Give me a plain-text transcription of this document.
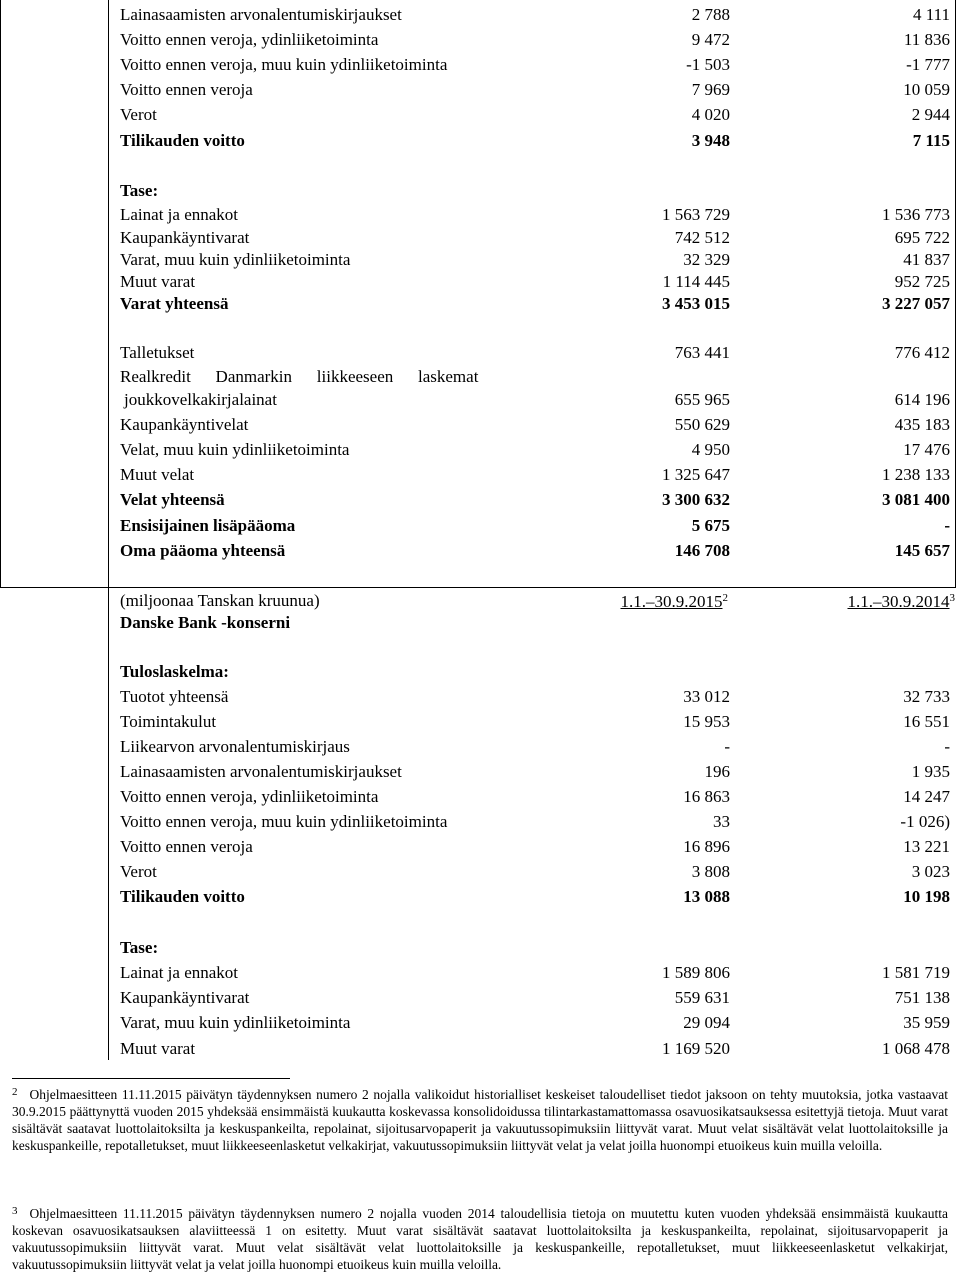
Lainasaamisten arvonalentumiskirjaukset	2 788	4 111
Voitto ennen veroja, ydinliiketoiminta	9 472	11 836
Voitto ennen veroja, muu kuin ydinliiketoiminta	-1 503	-1 777
Voitto ennen veroja	7 969	10 059
Verot	4 020	2 944
Tilikauden voitto	3 948	7 115
Tase:
Lainat ja ennakot	1 563 729	1 536 773
Kaupankäyntivarat	742 512	695 722
Varat, muu kuin ydinliiketoiminta	32 329	41 837
Muut varat	1 114 445	952 725
Varat yhteensä	3 453 015	3 227 057
Talletukset	763 441	776 412
Realkredit   Danmarkin   liikkeeseen   laskemat
joukkovelkakirjalainat	655 965	614 196
Kaupankäyntivelat	550 629	435 183
Velat, muu kuin ydinliiketoiminta	4 950	17 476
Muut velat	1 325 647	1 238 133
Velat yhteensä	3 300 632	3 081 400
Ensisijainen lisäpääoma	5 675	-
Oma pääoma yhteensä	146 708	145 657
(miljoonaa Tanskan kruunua)
Danske Bank -konserni
1.1.–30.9.2015$^2$	1.1.–30.9.2014$^3$
Tuloslaskelma:
Tuotot yhteensä	33 012	32 733
Toimintakulut	15 953	16 551
Liikearvon arvonalentumiskirjaus	-	-
Lainasaamisten arvonalentumiskirjaukset	196	1 935
Voitto ennen veroja, ydinliiketoiminta	16 863	14 247
Voitto ennen veroja, muu kuin ydinliiketoiminta	33	-1 026)
Voitto ennen veroja	16 896	13 221
Verot	3 808	3 023
Tilikauden voitto	13 088	10 198
Tase:
Lainat ja ennakot	1 589 806	1 581 719
Kaupankäyntivarat	559 631	751 138
Varat, muu kuin ydinliiketoiminta	29 094	35 959
Muut varat	1 169 520	1 068 478
$^2$ Ohjelmaesitteen 11.11.2015 päivätyn täydennyksen numero 2 nojalla valikoidut historialliset keskeiset taloudelliset tiedot jaksoon on tehty muutoksia, jotka vastaavat 30.9.2015 päättynyttä vuoden 2015 yhdeksää ensimmäistä kuukautta koskevassa konsolidoidussa tilintarkastamattomassa osavuosikatsauksessa esitettyjä tietoja. Muut varat sisältävät saatavat luottolaitoksilta ja keskuspankeilta, repolainat, sijoitusarvopaperit ja vakuutussopimuksiin liittyvät varat. Muut velat sisältävät velat luottolaitoksille ja keskuspankeille, repotalletukset, muut liikkeeseenlasketut velkakirjat, vakuutussopimuksiin liittyvät velat ja velat joilla huonompi etuoikeus kuin muilla veloilla.
$^3$ Ohjelmaesitteen 11.11.2015 päivätyn täydennyksen numero 2 nojalla vuoden 2014 taloudellisia tietoja on muutettu kuten vuoden yhdeksää ensimmäistä kuukautta koskevan osavuosikatsauksen alaviitteessä 1 on esitetty. Muut varat sisältävät saatavat luottolaitoksilta ja keskuspankeilta, repolainat, sijoitusarvopaperit ja vakuutussopimuksiin liittyvät varat. Muut velat sisältävät velat luottolaitoksille ja keskuspankeille, repotalletukset, muut liikkeeseenlasketut velkakirjat, vakuutussopimuksiin liittyvät velat ja velat joilla huonompi etuoikeus kuin muilla veloilla.
